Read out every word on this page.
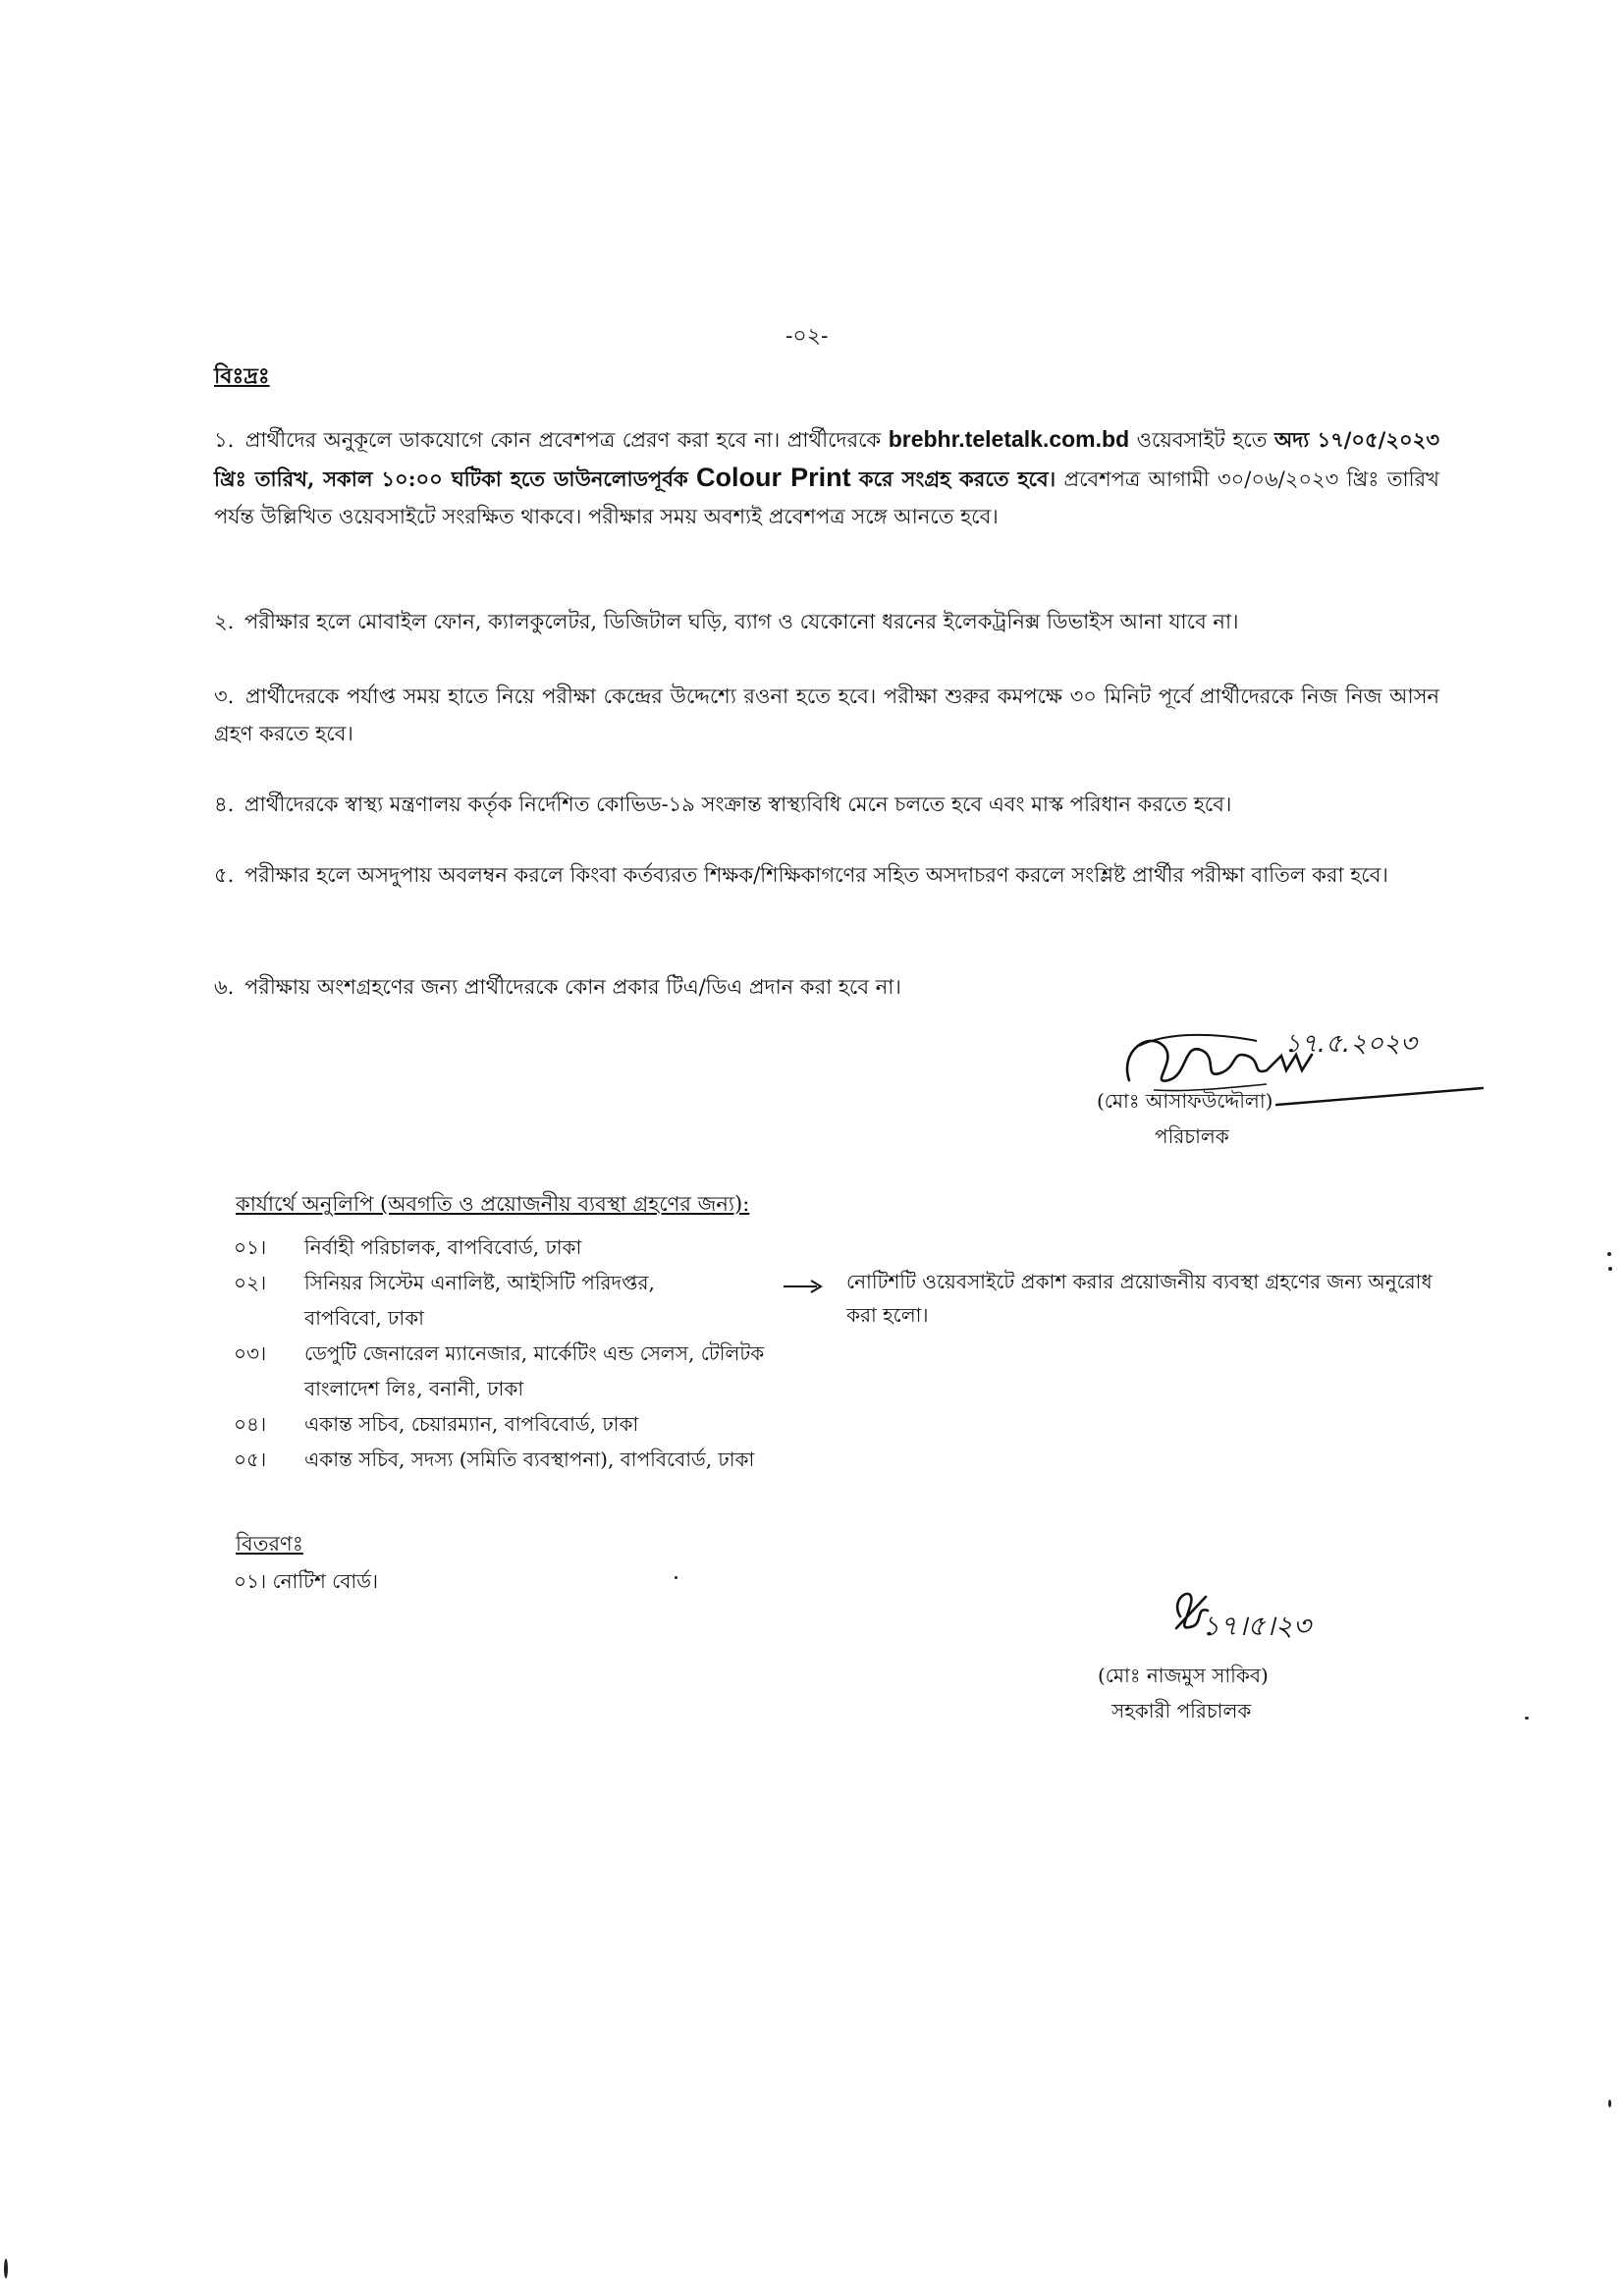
-০২-
বিঃদ্রঃ
১. প্রার্থীদের অনুকূলে ডাকযোগে কোন প্রবেশপত্র প্রেরণ করা হবে না। প্রার্থীদেরকে brebhr.teletalk.com.bd ওয়েবসাইট হতে অদ্য ১৭/০৫/২০২৩ খ্রিঃ তারিখ, সকাল ১০:০০ ঘটিকা হতে ডাউনলোডপূর্বক Colour Print করে সংগ্রহ করতে হবে। প্রবেশপত্র আগামী ৩০/০৬/২০২৩ খ্রিঃ তারিখ পর্যন্ত উল্লিখিত ওয়েবসাইটে সংরক্ষিত থাকবে। পরীক্ষার সময় অবশ্যই প্রবেশপত্র সঙ্গে আনতে হবে।
২. পরীক্ষার হলে মোবাইল ফোন, ক্যালকুলেটর, ডিজিটাল ঘড়ি, ব্যাগ ও যেকোনো ধরনের ইলেকট্রনিক্স ডিভাইস আনা যাবে না।
৩. প্রার্থীদেরকে পর্যাপ্ত সময় হাতে নিয়ে পরীক্ষা কেন্দ্রের উদ্দেশ্যে রওনা হতে হবে। পরীক্ষা শুরুর কমপক্ষে ৩০ মিনিট পূর্বে প্রার্থীদেরকে নিজ নিজ আসন গ্রহণ করতে হবে।
৪. প্রার্থীদেরকে স্বাস্থ্য মন্ত্রণালয় কর্তৃক নির্দেশিত কোভিড-১৯ সংক্রান্ত স্বাস্থ্যবিধি মেনে চলতে হবে এবং মাস্ক পরিধান করতে হবে।
৫. পরীক্ষার হলে অসদুপায় অবলম্বন করলে কিংবা কর্তব্যরত শিক্ষক/শিক্ষিকাগণের সহিত অসদাচরণ করলে সংশ্লিষ্ট প্রার্থীর পরীক্ষা বাতিল করা হবে।
৬. পরীক্ষায় অংশগ্রহণের জন্য প্রার্থীদেরকে কোন প্রকার টিএ/ডিএ প্রদান করা হবে না।
১৭.৫.২০২৩
(মোঃ আসাফউদ্দৌলা)
পরিচালক
কার্যার্থে অনুলিপি (অবগতি ও প্রয়োজনীয় ব্যবস্থা গ্রহণের জন্য):
০১।	নির্বাহী পরিচালক, বাপবিবোর্ড, ঢাকা
০২।	সিনিয়র সিস্টেম এনালিষ্ট, আইসিটি পরিদপ্তর, বাপবিবো, ঢাকা
০৩।	ডেপুটি জেনারেল ম্যানেজার, মার্কেটিং এন্ড সেলস, টেলিটক বাংলাদেশ লিঃ, বনানী, ঢাকা
০৪।	একান্ত সচিব, চেয়ারম্যান, বাপবিবোর্ড, ঢাকা
০৫।	একান্ত সচিব, সদস্য (সমিতি ব্যবস্থাপনা), বাপবিবোর্ড, ঢাকা
নোটিশটি ওয়েবসাইটে প্রকাশ করার প্রয়োজনীয় ব্যবস্থা গ্রহণের জন্য অনুরোধ করা হলো।
বিতরণঃ
০১। নোটিশ বোর্ড।
১৭।৫।২৩
(মোঃ নাজমুস সাকিব)
সহকারী পরিচালক
